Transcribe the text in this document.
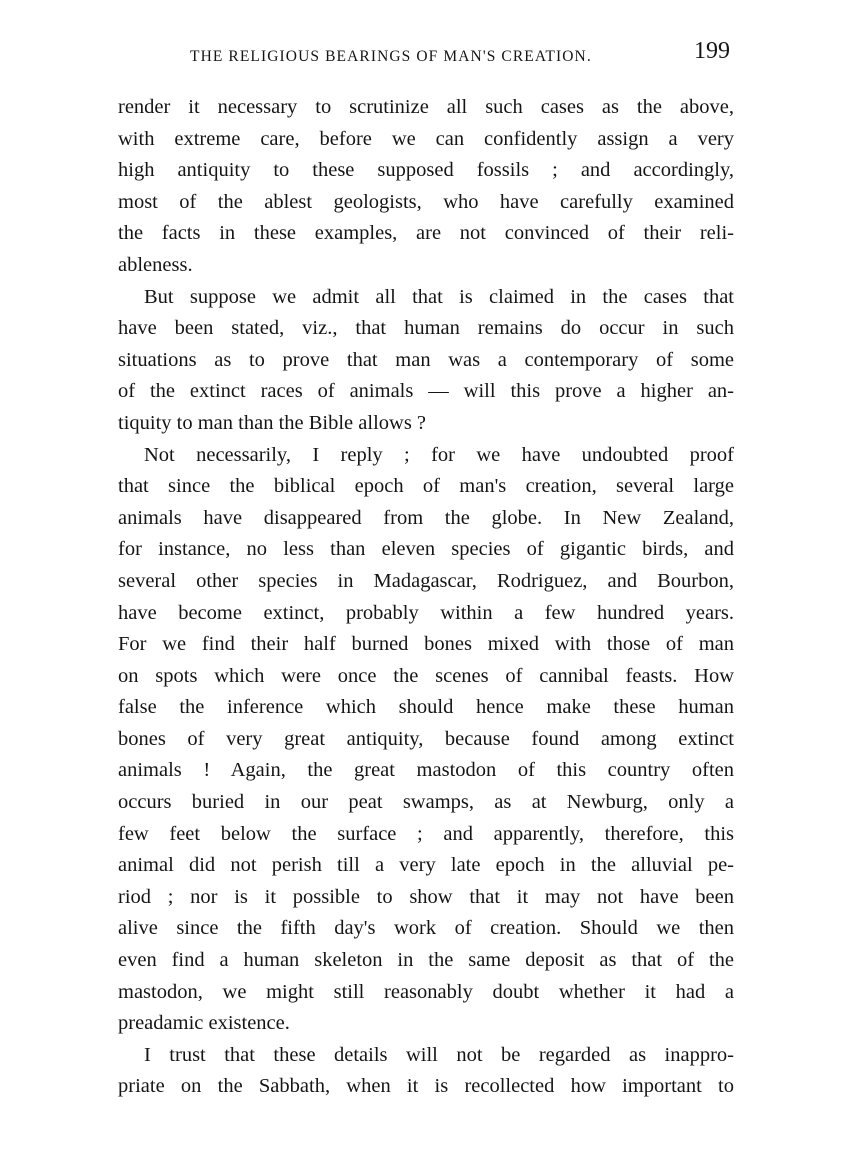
THE RELIGIOUS BEARINGS OF MAN'S CREATION.	199
render it necessary to scrutinize all such cases as the above,
with extreme care, before we can confidently assign a very
high antiquity to these supposed fossils ; and accordingly,
most of the ablest geologists, who have carefully examined
the facts in these examples, are not convinced of their reli-
ableness.
But suppose we admit all that is claimed in the cases that
have been stated, viz., that human remains do occur in such
situations as to prove that man was a contemporary of some
of the extinct races of animals — will this prove a higher an-
tiquity to man than the Bible allows ?
Not necessarily, I reply ; for we have undoubted proof
that since the biblical epoch of man's creation, several large
animals have disappeared from the globe. In New Zealand,
for instance, no less than eleven species of gigantic birds, and
several other species in Madagascar, Rodriguez, and Bourbon,
have become extinct, probably within a few hundred years.
For we find their half burned bones mixed with those of man
on spots which were once the scenes of cannibal feasts. How
false the inference which should hence make these human
bones of very great antiquity, because found among extinct
animals ! Again, the great mastodon of this country often
occurs buried in our peat swamps, as at Newburg, only a
few feet below the surface ; and apparently, therefore, this
animal did not perish till a very late epoch in the alluvial pe-
riod ; nor is it possible to show that it may not have been
alive since the fifth day's work of creation. Should we then
even find a human skeleton in the same deposit as that of the
mastodon, we might still reasonably doubt whether it had a
preadamic existence.
I trust that these details will not be regarded as inappro-
priate on the Sabbath, when it is recollected how important to
